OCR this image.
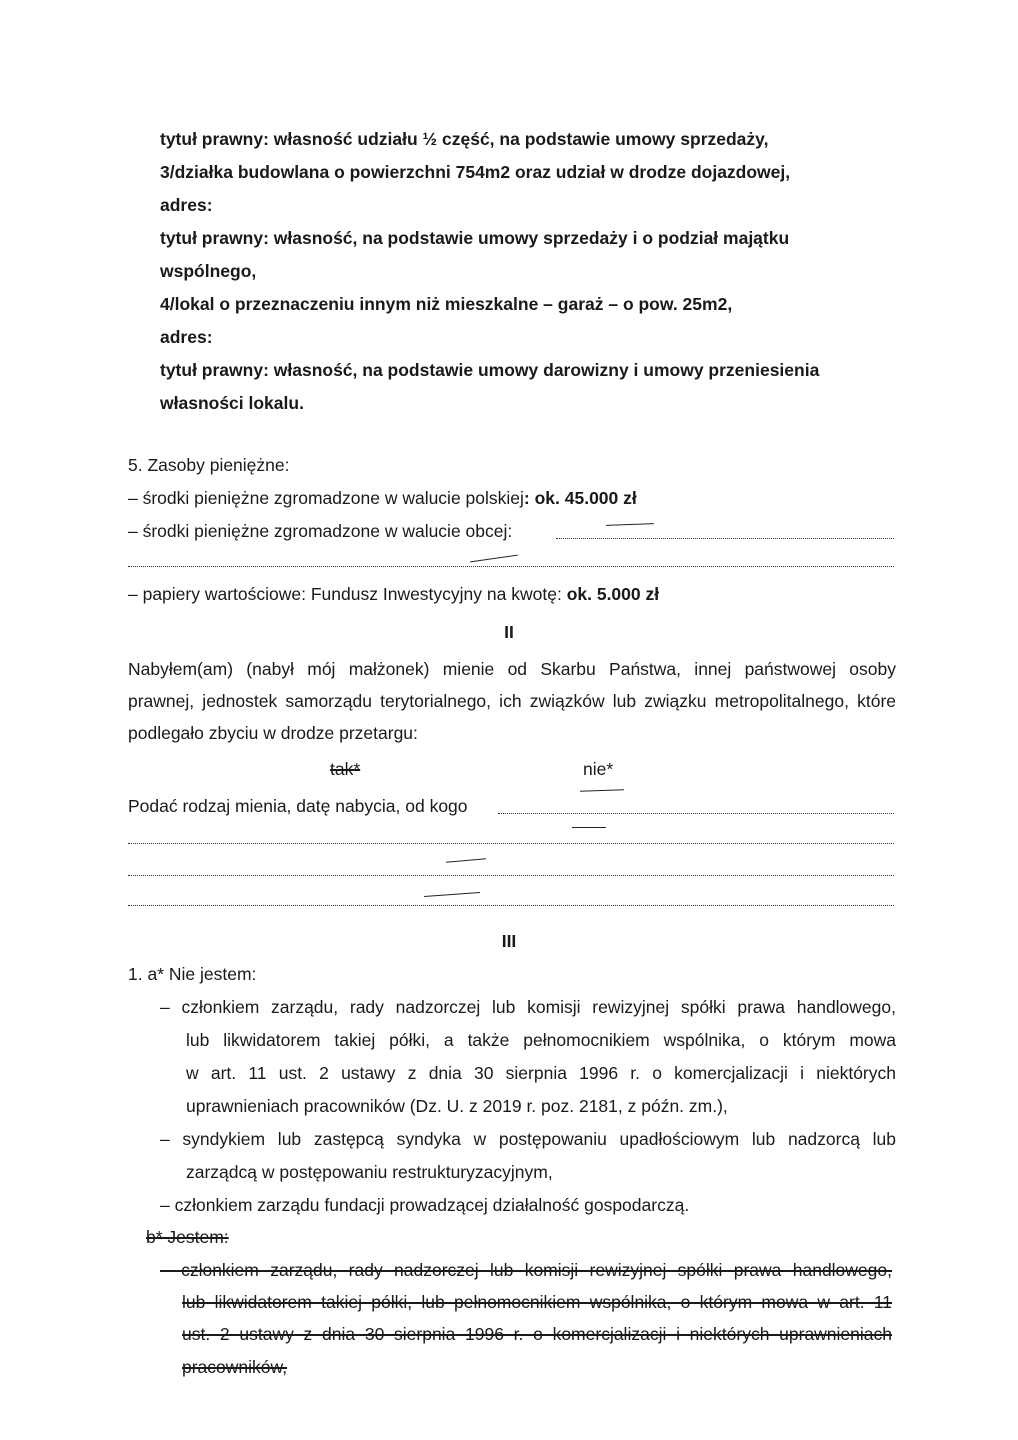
tytuł prawny: własność udziału ½ część, na podstawie umowy sprzedaży,
3/działka budowlana o powierzchni 754m2 oraz udział w drodze dojazdowej,
adres:
tytuł prawny: własność, na podstawie umowy sprzedaży i o podział majątku
wspólnego,
4/lokal o przeznaczeniu innym niż mieszkalne – garaż – o pow. 25m2,
adres:
tytuł prawny: własność, na podstawie umowy darowizny i umowy przeniesienia
własności lokalu.
5. Zasoby pieniężne:
– środki pieniężne zgromadzone w walucie polskiej: ok. 45.000 zł
– środki pieniężne zgromadzone w walucie obcej:
– papiery wartościowe: Fundusz Inwestycyjny na kwotę: ok. 5.000 zł
II
Nabyłem(am) (nabył mój małżonek) mienie od Skarbu Państwa, innej państwowej osoby
prawnej, jednostek samorządu terytorialnego, ich związków lub związku metropolitalnego, które
podlegało zbyciu w drodze przetargu:
tak*	nie*
Podać rodzaj mienia, datę nabycia, od kogo
III
1. a* Nie jestem:
– członkiem zarządu, rady nadzorczej lub komisji rewizyjnej spółki prawa handlowego,
lub likwidatorem takiej półki, a także pełnomocnikiem wspólnika, o którym mowa
w art. 11 ust. 2 ustawy z dnia 30 sierpnia 1996 r. o komercjalizacji i niektórych
uprawnieniach pracowników (Dz. U. z 2019 r. poz. 2181, z późn. zm.),
– syndykiem lub zastępcą syndyka w postępowaniu upadłościowym lub nadzorcą lub
zarządcą w postępowaniu restrukturyzacyjnym,
– członkiem zarządu fundacji prowadzącej działalność gospodarczą.
b* Jestem:
– członkiem zarządu, rady nadzorczej lub komisji rewizyjnej spółki prawa handlowego,
lub likwidatorem takiej półki, lub pełnomocnikiem wspólnika, o którym mowa w art. 11
ust. 2 ustawy z dnia 30 sierpnia 1996 r. o komercjalizacji i niektórych uprawnieniach
pracowników,
